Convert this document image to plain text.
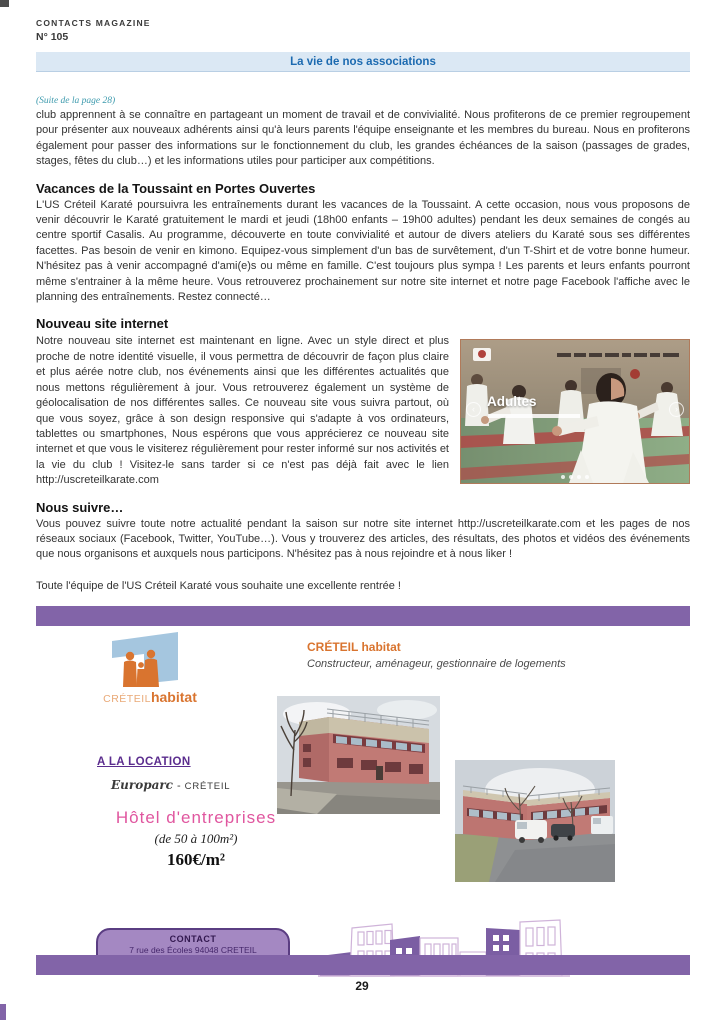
CONTACTS MAGAZINE
N° 105
La vie de nos associations
(Suite de la page 28)

club apprennent à se connaître en partageant un moment de travail et de convivialité. Nous profiterons de ce premier regroupement pour présenter aux nouveaux adhérents ainsi qu'à leurs parents l'équipe enseignante et les membres du bureau. Nous en profiterons également pour passer des informations sur le fonctionnement du club, les grandes échéances de la saison (passages de grades, stages, fêtes du club…) et les informations utiles pour participer aux compétitions.

Vacances de la Toussaint en Portes Ouvertes

L'US Créteil Karaté poursuivra les entraînements durant les vacances de la Toussaint. A cette occasion, nous vous proposons de venir découvrir le Karaté gratuitement le mardi et jeudi (18h00 enfants – 19h00 adultes) pendant les deux semaines de congés au centre sportif Casalis. Au programme, découverte en toute convivialité et autour de divers ateliers du Karaté sous ses différentes facettes. Pas besoin de venir en kimono. Equipez-vous simplement d'un bas de survêtement, d'un T-Shirt et de votre bonne humeur. N'hésitez pas à venir accompagné d'ami(e)s ou même en famille. C'est toujours plus sympa ! Les parents et leurs enfants pourront même s'entrainer à la même heure. Vous retrouverez prochainement sur notre site internet et notre page Facebook l'affiche avec le planning des entraînements. Restez connecté…

Nouveau site internet

Notre nouveau site internet est maintenant en ligne. Avec un style direct et plus proche de notre identité visuelle, il vous permettra de découvrir de façon plus claire et plus aérée notre club, nos événements ainsi que les différentes actualités que nous mettons régulièrement à jour. Vous retrouverez également un système de géolocalisation de nos différentes salles. Ce nouveau site vous suivra partout, où que vous soyez, grâce à son design responsive qui s'adapte à vos ordinateurs, tablettes ou smartphones, Nous espérons que vous apprécierez ce nouveau site internet et que vous le visiterez régulièrement pour rester informé sur nos activités et la vie du club ! Visitez-le sans tarder si ce n'est pas déjà fait avec le lien http://uscreteilkarate.com

Adultes
‹	›
Nous suivre…

Vous pouvez suivre toute notre actualité pendant la saison sur notre site internet http://uscreteilkarate.com et les pages de nos réseaux sociaux (Facebook, Twitter, YouTube…). Vous y trouverez des articles, des résultats, des photos et vidéos des événements que nous organisons et auxquels nous participons. N'hésitez pas à nous rejoindre et à nous liker !

Toute l'équipe de l'US Créteil Karaté vous souhaite une excellente rentrée !
CRÉTEILhabitat
CRÉTEIL habitat
Constructeur, aménageur, gestionnaire de logements
A LA LOCATION
Europarc - CRÉTEIL
Hôtel d'entreprises
(de 50 à 100m²)
160€/m²
CONTACT
7 rue des Écoles 94048 CRETEIL
29
